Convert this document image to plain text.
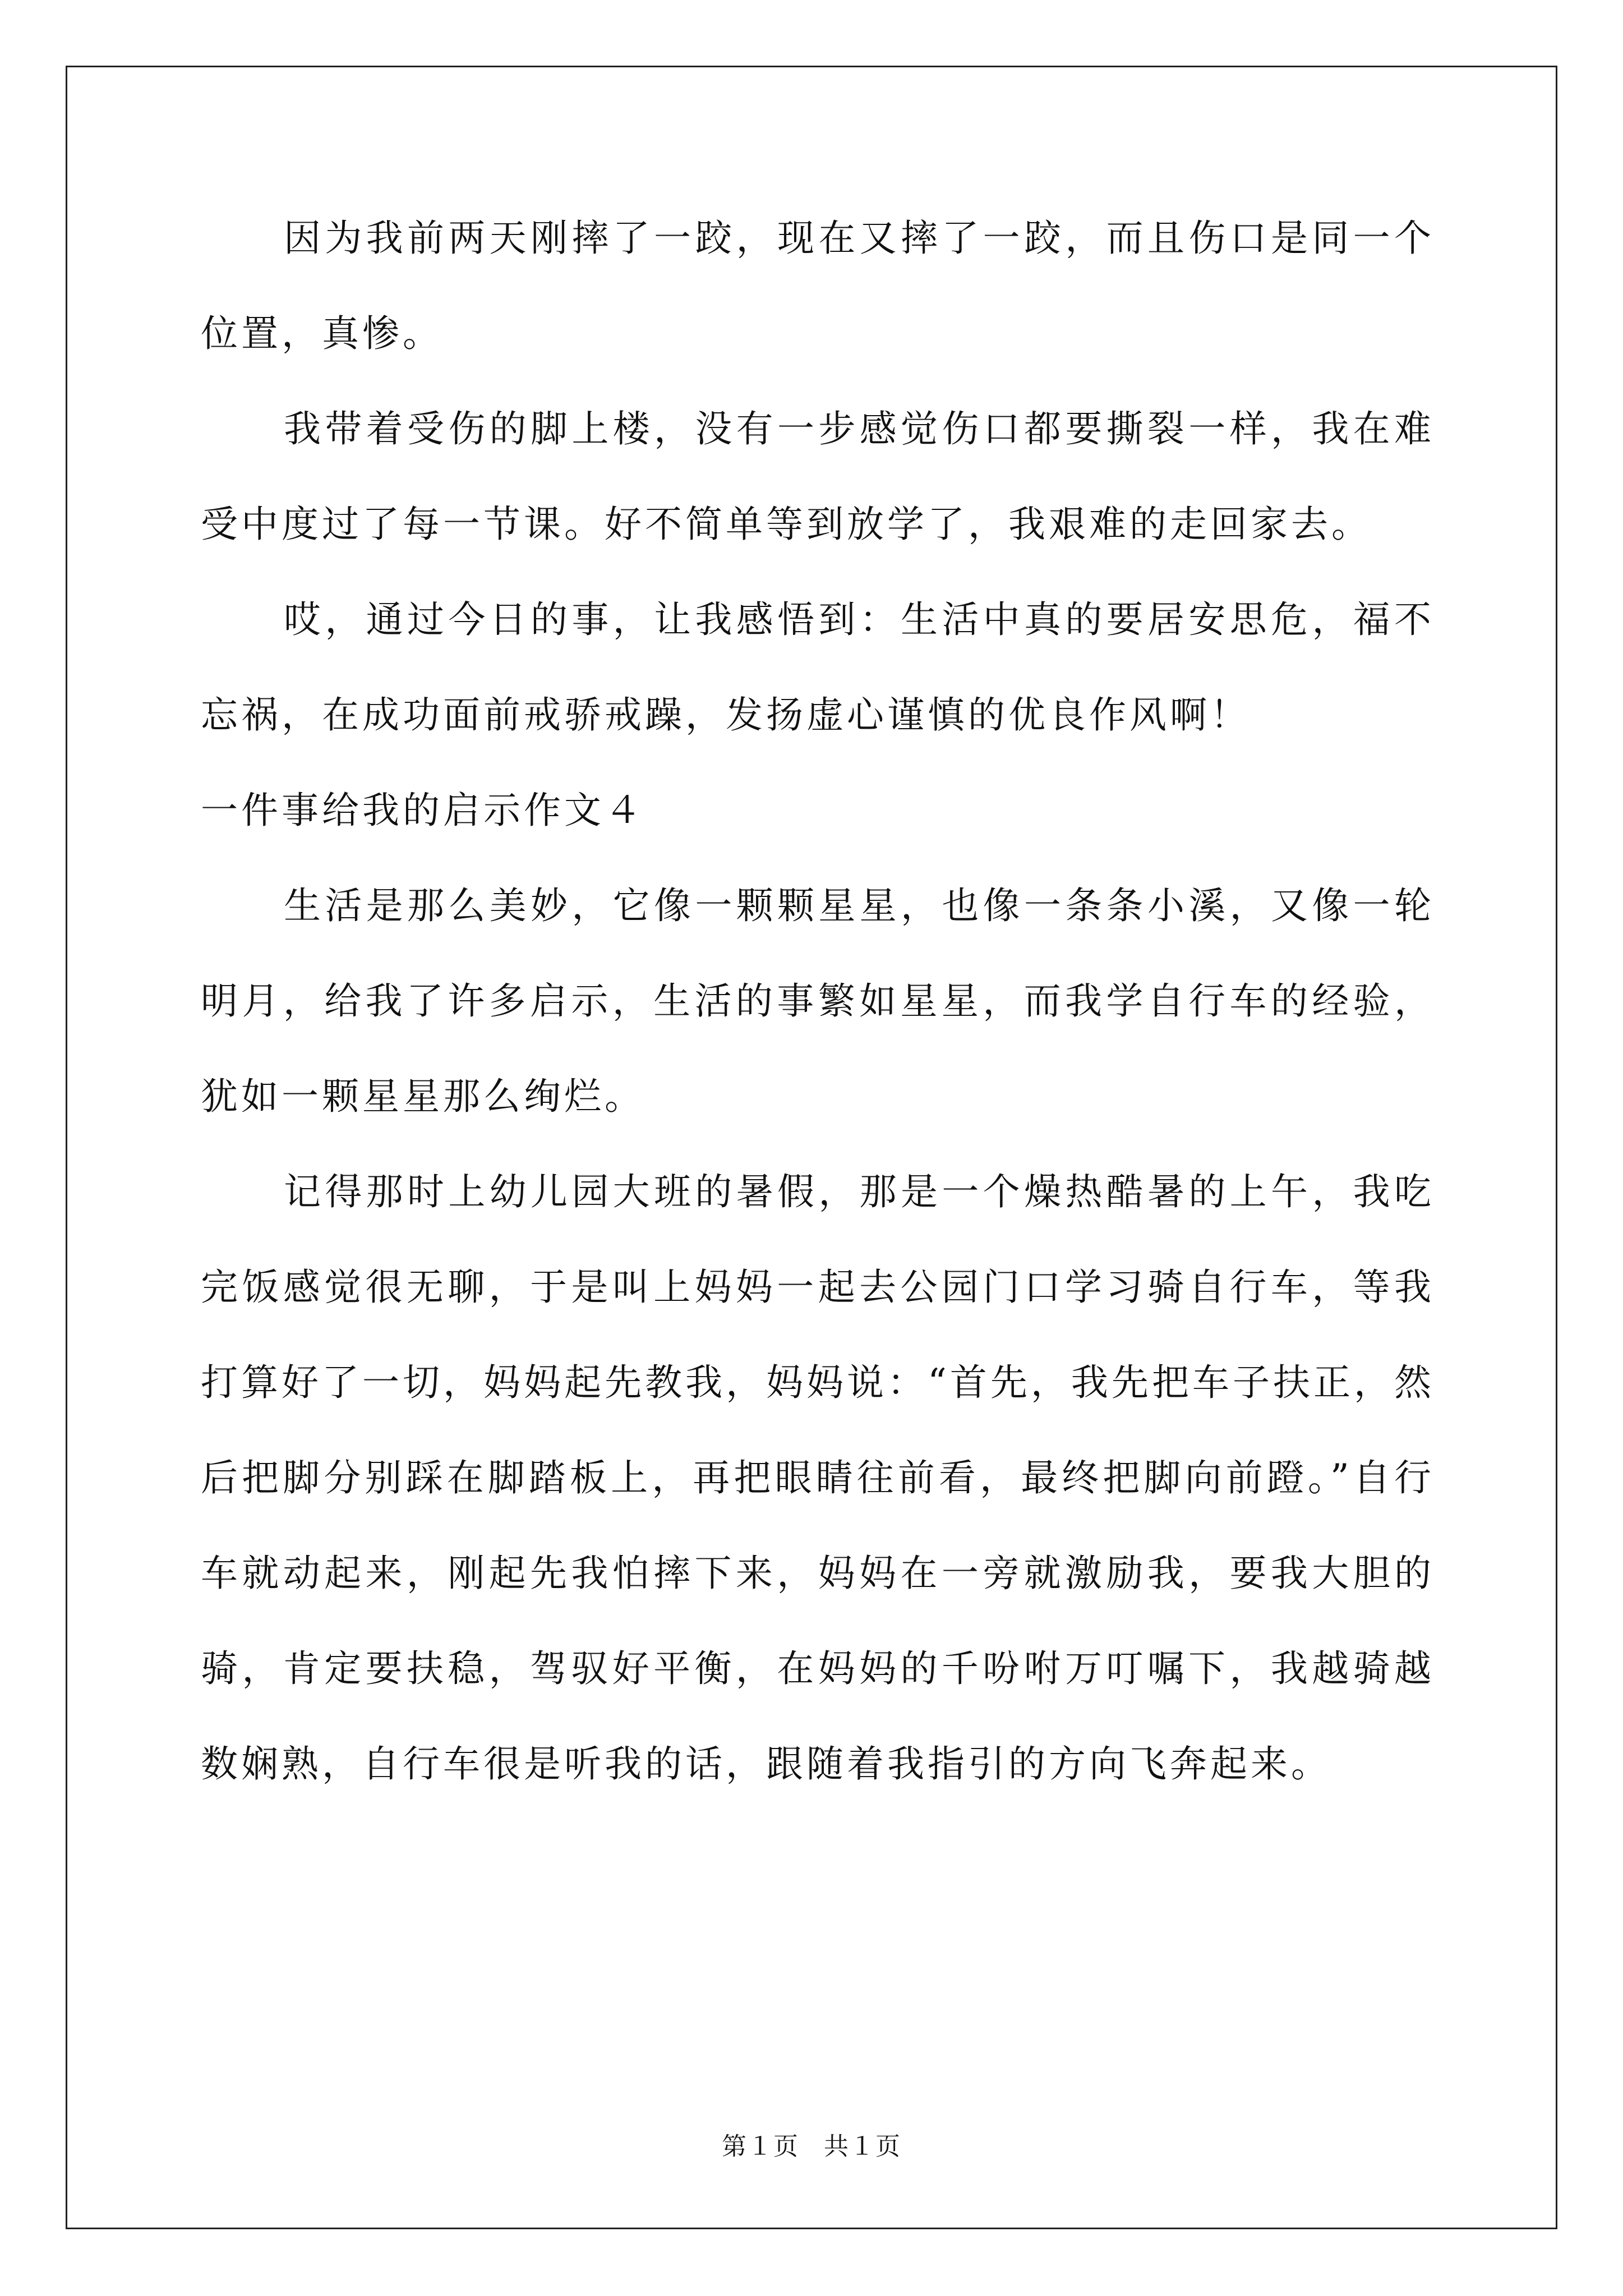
因为我前两天刚摔了一跤，现在又摔了一跤，而且伤口是同一个位置，真惨。

我带着受伤的脚上楼，没有一步感觉伤口都要撕裂一样，我在难受中度过了每一节课。好不简单等到放学了，我艰难的走回家去。

哎，通过今日的事，让我感悟到：生活中真的要居安思危，福不忘祸，在成功面前戒骄戒躁，发扬虚心谨慎的优良作风啊！

一件事给我的启示作文４

生活是那么美妙，它像一颗颗星星，也像一条条小溪，又像一轮明月，给我了许多启示，生活的事繁如星星，而我学自行车的经验，犹如一颗星星那么绚烂。

记得那时上幼儿园大班的暑假，那是一个燥热酷暑的上午，我吃完饭感觉很无聊，于是叫上妈妈一起去公园门口学习骑自行车，等我打算好了一切，妈妈起先教我，妈妈说：“首先，我先把车子扶正，然后把脚分别踩在脚踏板上，再把眼睛往前看，最终把脚向前蹬。”自行车就动起来，刚起先我怕摔下来，妈妈在一旁就激励我，要我大胆的骑，肯定要扶稳，驾驭好平衡，在妈妈的千吩咐万叮嘱下，我越骑越数娴熟，自行车很是听我的话，跟随着我指引的方向飞奔起来。

第１页 共１页
